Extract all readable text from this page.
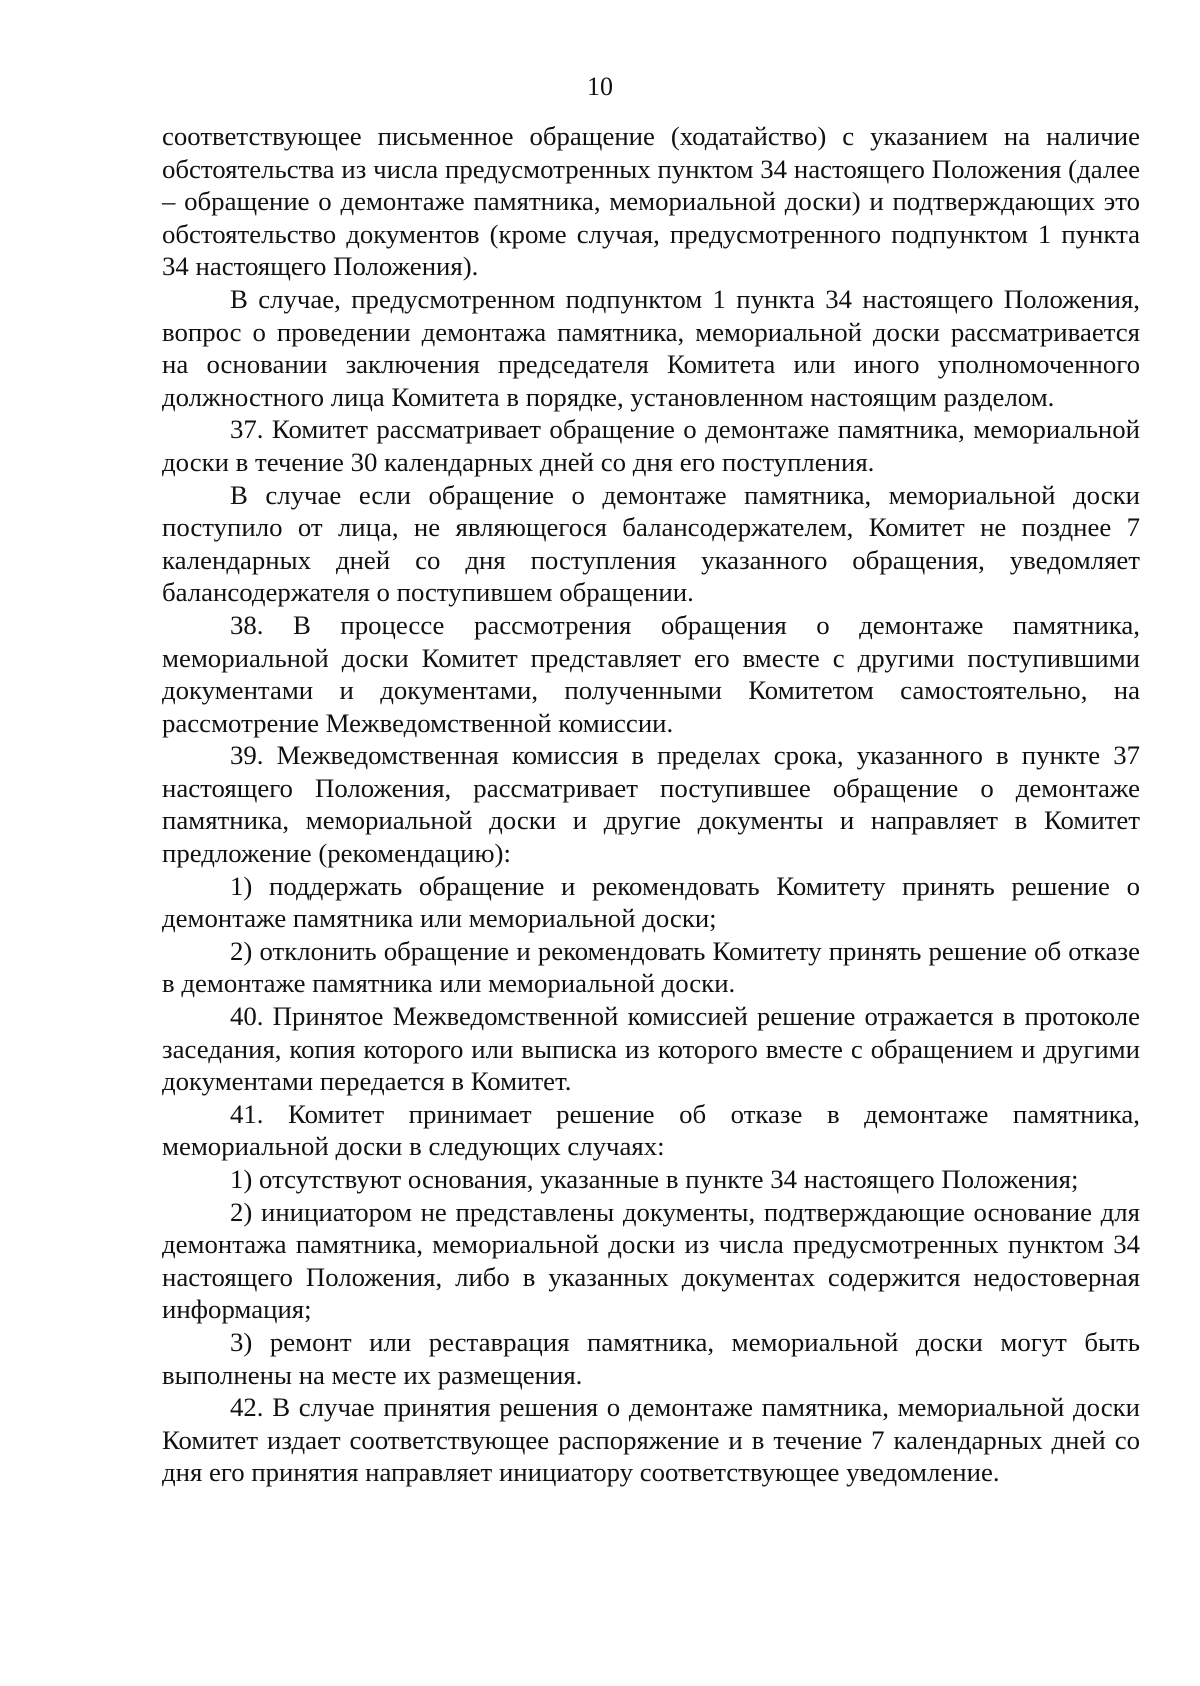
10

соответствующее письменное обращение (ходатайство) с указанием на наличие обстоятельства из числа предусмотренных пунктом 34 настоящего Положения (далее – обращение о демонтаже памятника, мемориальной доски) и подтверждающих это обстоятельство документов (кроме случая, предусмотренного подпунктом 1 пункта 34 настоящего Положения).

В случае, предусмотренном подпунктом 1 пункта 34 настоящего Положения, вопрос о проведении демонтажа памятника, мемориальной доски рассматривается на основании заключения председателя Комитета или иного уполномоченного должностного лица Комитета в порядке, установленном настоящим разделом.

37. Комитет рассматривает обращение о демонтаже памятника, мемориальной доски в течение 30 календарных дней со дня его поступления.

В случае если обращение о демонтаже памятника, мемориальной доски поступило от лица, не являющегося балансодержателем, Комитет не позднее 7 календарных дней со дня поступления указанного обращения, уведомляет балансодержателя о поступившем обращении.

38. В процессе рассмотрения обращения о демонтаже памятника, мемориальной доски Комитет представляет его вместе с другими поступившими документами и документами, полученными Комитетом самостоятельно, на рассмотрение Межведомственной комиссии.

39. Межведомственная комиссия в пределах срока, указанного в пункте 37 настоящего Положения, рассматривает поступившее обращение о демонтаже памятника, мемориальной доски и другие документы и направляет в Комитет предложение (рекомендацию):

1) поддержать обращение и рекомендовать Комитету принять решение о демонтаже памятника или мемориальной доски;

2) отклонить обращение и рекомендовать Комитету принять решение об отказе в демонтаже памятника или мемориальной доски.

40. Принятое Межведомственной комиссией решение отражается в протоколе заседания, копия которого или выписка из которого вместе с обращением и другими документами передается в Комитет.

41. Комитет принимает решение об отказе в демонтаже памятника, мемориальной доски в следующих случаях:

1) отсутствуют основания, указанные в пункте 34 настоящего Положения;

2) инициатором не представлены документы, подтверждающие основание для демонтажа памятника, мемориальной доски из числа предусмотренных пунктом 34 настоящего Положения, либо в указанных документах содержится недостоверная информация;

3) ремонт или реставрация памятника, мемориальной доски могут быть выполнены на месте их размещения.

42. В случае принятия решения о демонтаже памятника, мемориальной доски Комитет издает соответствующее распоряжение и в течение 7 календарных дней со дня его принятия направляет инициатору соответствующее уведомление.
